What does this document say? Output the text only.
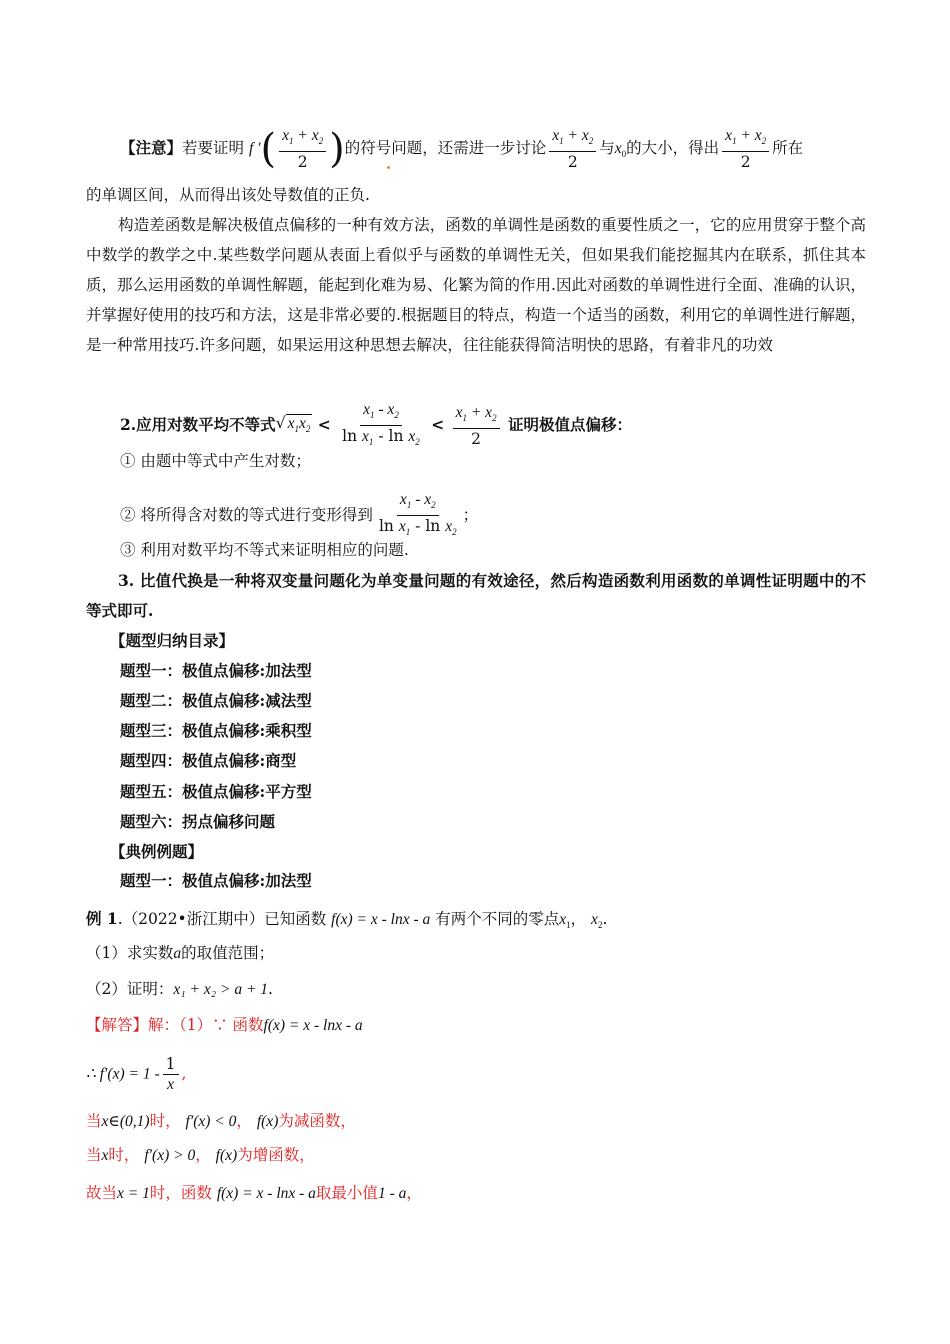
【注意】若要证明 f ′( $\frac{x_1 + x_2}{2}$ )的符号问题，还需进一步讨论 $\frac{x_1 + x_2}{2}$ 与$x_0$的大小，得出 $\frac{x_1 + x_2}{2}$ 所在
的单调区间，从而得出该处导数值的正负.
构造差函数是解决极值点偏移的一种有效方法，函数的单调性是函数的重要性质之一，它的应用贯穿于整个高中数学的教学之中.某些数学问题从表面上看似乎与函数的单调性无关，但如果我们能挖掘其内在联系，抓住其本质，那么运用函数的单调性解题，能起到化难为易、化繁为简的作用.因此对函数的单调性进行全面、准确的认识，并掌握好使用的技巧和方法，这是非常必要的.根据题目的特点，构造一个适当的函数，利用它的单调性进行解题，是一种常用技巧.许多问题，如果运用这种思想去解决，往往能获得简洁明快的思路，有着非凡的功效
2.应用对数平均不等式√ $x_1x_2 < \frac{x_1 - x_2}{\ln x_1 - \ln x_2} < \frac{x_1 + x_2}{2}$ 证明极值点偏移：
① 由题中等式中产生对数；
② 将所得含对数的等式进行变形得到 $\frac{x_1 - x_2}{\ln x_1 - \ln x_2}$ ；
③ 利用对数平均不等式来证明相应的问题.
3. 比值代换是一种将双变量问题化为单变量问题的有效途径，然后构造函数利用函数的单调性证明题中的不等式即可.
【题型归纳目录】
题型一：极值点偏移:加法型
题型二：极值点偏移:减法型
题型三：极值点偏移:乘积型
题型四：极值点偏移:商型
题型五：极值点偏移:平方型
题型六：拐点偏移问题
【典例例题】
题型一：极值点偏移:加法型
例 1.（2022•浙江期中）已知函数 f(x) = x - lnx - a 有两个不同的零点$x_1$， $x_2$.
（1）求实数a的取值范围；
（2）证明：x₁ + x₂ > a + 1.
【解答】解：（1）∵ 函数f(x) = x - lnx - a
∴ $f'(x) = 1 - \frac{1}{x}$ ,
当x∈(0,1)时， f′(x) < 0， f(x)为减函数，
当x时， f′(x) > 0， f(x)为增函数，
故当x = 1时，函数 f(x) = x - lnx - a取最小值1 - a，
